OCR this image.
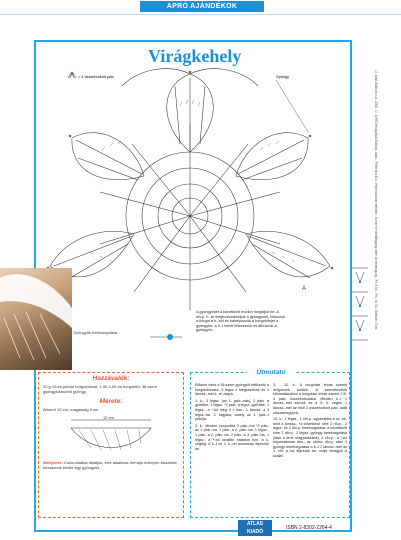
APRÓ AJÁNDÉKOK
Virágkehely
= 4 összehurkolt pálc.	Gyöngy
A
Gyöngyök belehorgolása
A gyöngyöket a következő módon horgoljuk be: A rőv.p. h.-át meghosszabbítjuk a gyöngynek, kihúzzuk a horgot a h.-ból és bahelyezzük a horgolófejet a gyöngybe, a h.-t ismét felvesszük és áthúzzuk a gyöngyön.
Hozzávalók:
20 g 10-es pamut horgolófonal; 1,50-2,00-es horgolótű; 36 szem gyöngyházszínű gyöngy.
Mérete:
Átmérő 12 cm; magasság 4 cm.
12 cm
Befejezés: Cukoroldattal átitatjuk, erre alkalmas formájú edényen kiszárítat formázunk belőle egy gyöngyös.
Útmutató

Először mind a 36 szem gyöngyöt felfűzzük a horgolófonalra, 6 légsz.-t megkezdünk és 1 láncsz.-mel k.-ré zárjuk.

1. k.: 3 légsz. (az 1. pálc.-nak), 2 pálc. a gyűrűbe, 1 légsz. *3 pálc. a légsz.-gyűrűbe, 1 légsz.; a *-tól még 4 x ism., 1 láncsz. a 3 légsz.-ba. 3. tagjába, amely az 1. pálc.-t pótolja.

2. k.: Minden csoportba 3 pálc.-ból *2 pálc. az 1 pálc.-ba, 1 pálc. a 2. pálc.-ba, 1 légsz., 1 pálc. a 2. pálc.-ba, 2 pálc. a 3. pálc.-ba, 1 légsz.; a *-tól további haladva ism. a k. végéig. A k.-t az 1. k.-rel azonosan fejezzük be.

3. - 12. k.: A horgolási leírás szerint dolgozunk tovább. A szirmelevelek kiformálásához a horgolási leírás szerint 2 ill. 4 pálc. összehurkolása. Minden k.-t 1 láncsz.-mel zárunk és a 9. k. végén 1 láncsz.-mel az első 2 összehurkolt pálc. alatt visszamegyünk.

13. k.: 1 légsz., 1 rőv.p. ugyanabba a sz.-be, mint a láncsz., *a következő ívbe 2 rőv.p., 2 légsz. és 2 rőv.p. belehorgolása, a következő ívbe 2 rőv.p., 2 légsz. gyöngy belehorgolása (lásd a fenti magyarázatot), 2 rőv.p.; a *-tól folyamatosan ism.; az utolsó rőv.p. után 1 gyöngy belehorgolása a k.-t 1 láncsz.-mel az 1. rőv. p.-ba fejezzük be, majd elvágjuk a szálat.

ATLAS
KIADÓ
ISBN 2-8302-2264-4
© Atlas Editions s.a. 2000, © 1998 Verlag Atlas Édition, Atlas - Printed in EU - Reproduction interdite - Keine Vervielfältigung ohne Genehmigung - Pr. 3.04 - Fel. 31 04 - Editions Tons
